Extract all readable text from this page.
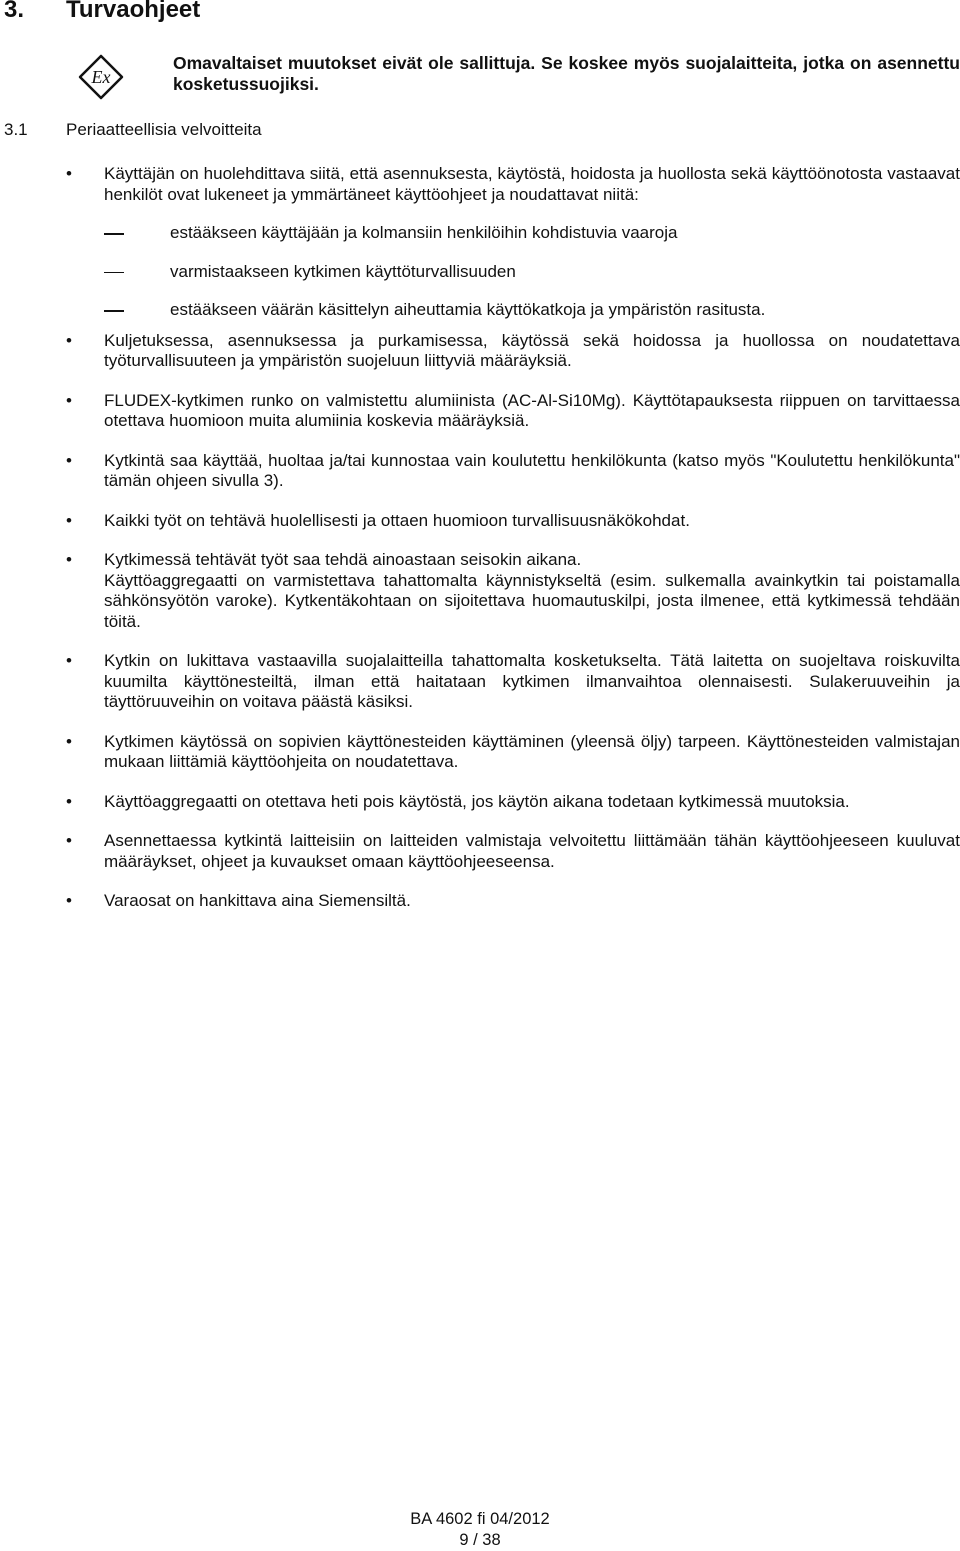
3. Turvaohjeet
Ex
Omavaltaiset muutokset eivät ole sallittuja. Se koskee myös suojalaitteita, jotka on asennettu kosketussuojiksi.
3.1 Periaatteellisia velvoitteita
• Käyttäjän on huolehdittava siitä, että asennuksesta, käytöstä, hoidosta ja huollosta sekä käyttöönotosta vastaavat henkilöt ovat lukeneet ja ymmärtäneet käyttöohjeet ja noudattavat niitä:

estääkseen käyttäjään ja kolmansiin henkilöihin kohdistuvia vaaroja
varmistaakseen kytkimen käyttöturvallisuuden
estääkseen väärän käsittelyn aiheuttamia käyttökatkoja ja ympäristön rasitusta.
• Kuljetuksessa, asennuksessa ja purkamisessa, käytössä sekä hoidossa ja huollossa on noudatettava työturvallisuuteen ja ympäristön suojeluun liittyviä määräyksiä.

• FLUDEX-kytkimen runko on valmistettu alumiinista (AC-Al-Si10Mg). Käyttötapauksesta riippuen on tarvittaessa otettava huomioon muita alumiinia koskevia määräyksiä.

• Kytkintä saa käyttää, huoltaa ja/tai kunnostaa vain koulutettu henkilökunta (katso myös "Koulutettu henkilökunta" tämän ohjeen sivulla 3).

• Kaikki työt on tehtävä huolellisesti ja ottaen huomioon turvallisuusnäkökohdat.

• Kytkimessä tehtävät työt saa tehdä ainoastaan seisokin aikana.

Käyttöaggregaatti on varmistettava tahattomalta käynnistykseltä (esim. sulkemalla avainkytkin tai poistamalla sähkönsyötön varoke). Kytkentäkohtaan on sijoitettava huomautuskilpi, josta ilmenee, että kytkimessä tehdään töitä.

• Kytkin on lukittava vastaavilla suojalaitteilla tahattomalta kosketukselta. Tätä laitetta on suojeltava roiskuvilta kuumilta käyttönesteiltä, ilman että haitataan kytkimen ilmanvaihtoa olennaisesti. Sulakeruuveihin ja täyttöruuveihin on voitava päästä käsiksi.

• Kytkimen käytössä on sopivien käyttönesteiden käyttäminen (yleensä öljy) tarpeen. Käyttönesteiden valmistajan mukaan liittämiä käyttöohjeita on noudatettava.

• Käyttöaggregaatti on otettava heti pois käytöstä, jos käytön aikana todetaan kytkimessä muutoksia.

• Asennettaessa kytkintä laitteisiin on laitteiden valmistaja velvoitettu liittämään tähän käyttöohjeeseen kuuluvat määräykset, ohjeet ja kuvaukset omaan käyttöohjeeseensa.

• Varaosat on hankittava aina Siemensiltä.

BA 4602 fi 04/2012
9 / 38
